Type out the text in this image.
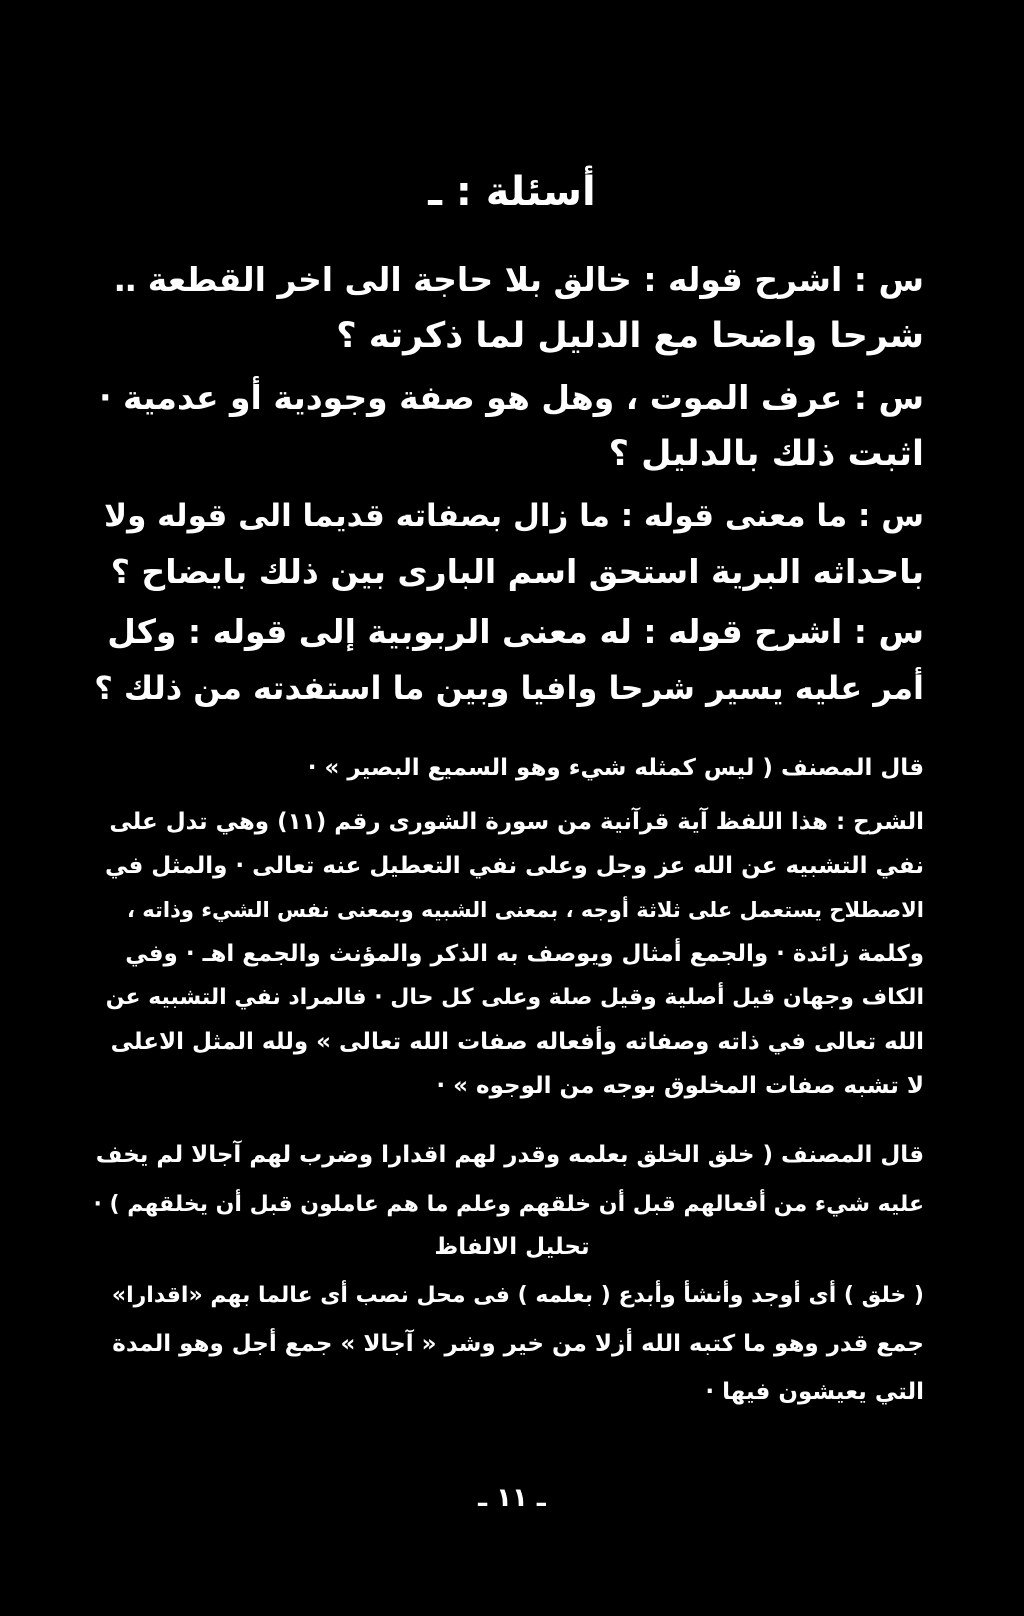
أسئلة : ـ
س : اشرح قوله : خالق بلا حاجة الى اخر القطعة ‥
شرحا واضحا مع الدليل لما ذكرته ؟
س : عرف الموت ، وهل هو صفة وجودية أو عدمية ·
اثبت ذلك بالدليل ؟
س : ما معنى قوله : ما زال بصفاته قديما الى قوله ولا
باحداثه البرية استحق اسم البارى بين ذلك بايضاح ؟
س : اشرح قوله : له معنى الربوبية إلى قوله : وكل
أمر عليه يسير شرحا وافيا وبين ما استفدته من ذلك ؟
قال المصنف ( ليس كمثله شيء وهو السميع البصير » ·
الشرح : هذا اللفظ آية قرآنية من سورة الشورى رقم (١١) وهي تدل على
نفي التشبيه عن الله عز وجل وعلى نفي التعطيل عنه تعالى · والمثل في
الاصطلاح يستعمل على ثلاثة أوجه ، بمعنى الشبيه وبمعنى نفس الشيء وذاته ،
وكلمة زائدة · والجمع أمثال ويوصف به الذكر والمؤنث والجمع اهـ · وفي
الكاف وجهان قيل أصلية وقيل صلة وعلى كل حال · فالمراد نفي التشبيه عن
الله تعالى في ذاته وصفاته وأفعاله صفات الله تعالى » ولله المثل الاعلى
لا تشبه صفات المخلوق بوجه من الوجوه » ·
قال المصنف ( خلق الخلق بعلمه وقدر لهم اقدارا وضرب لهم آجالا لم يخف
عليه شيء من أفعالهم قبل أن خلقهم وعلم ما هم عاملون قبل أن يخلقهم ) ·
تحليل الالفاظ
( خلق ) أى أوجد وأنشأ وأبدع ( بعلمه ) فى محل نصب أى عالما بهم «اقدارا»
جمع قدر وهو ما كتبه الله أزلا من خير وشر « آجالا » جمع أجل وهو المدة
التي يعيشون فيها ·
ـ ١١ ـ
